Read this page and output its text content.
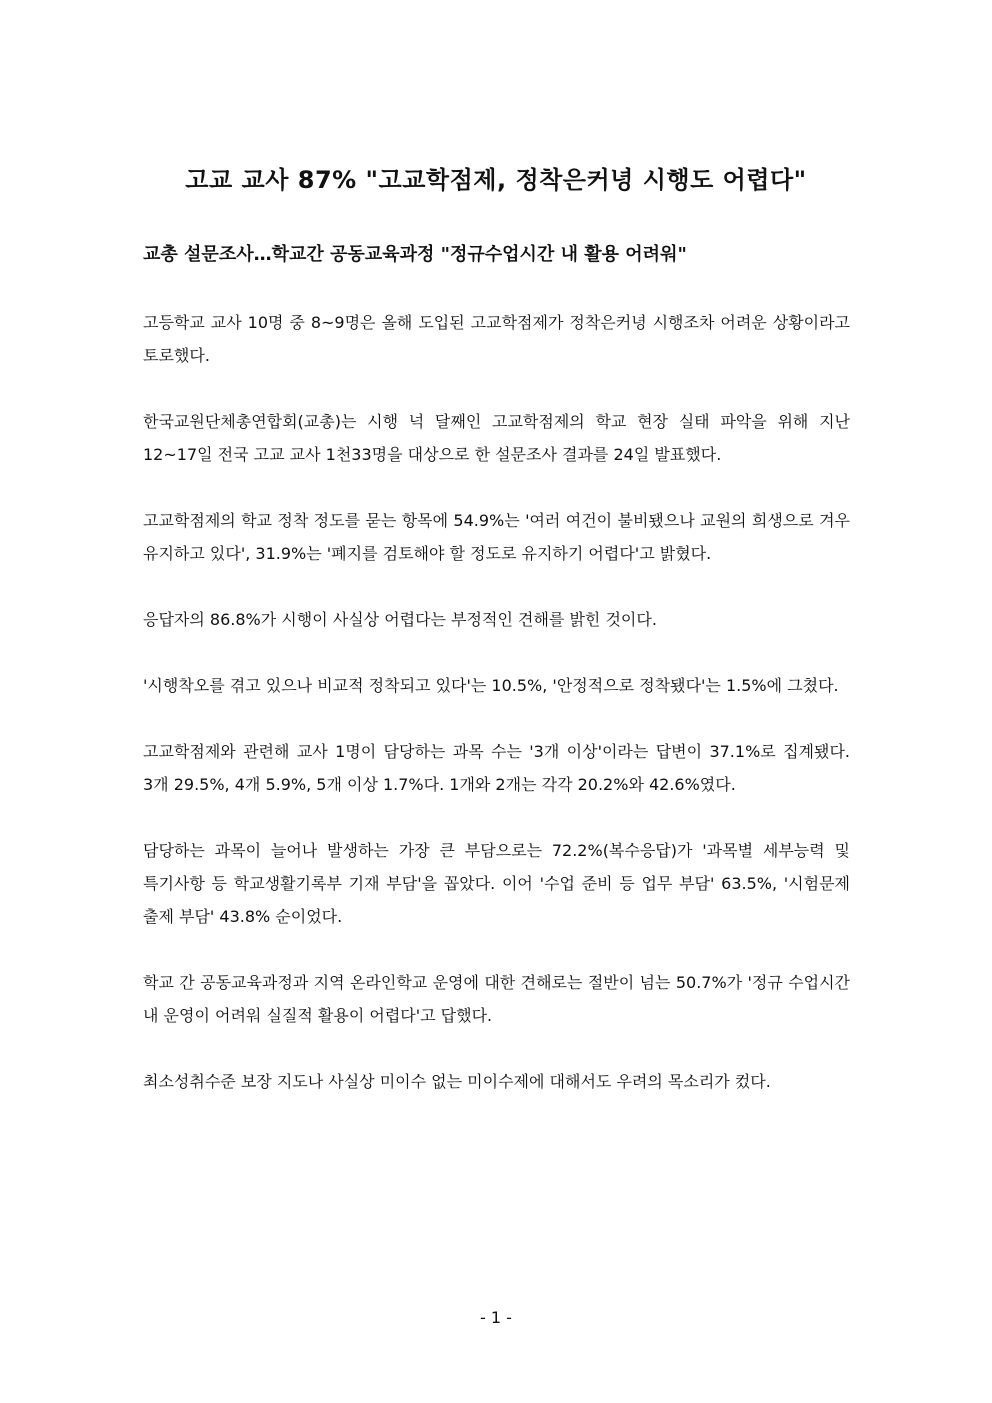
고교 교사 87% "고교학점제, 정착은커녕 시행도 어렵다"
교총 설문조사…학교간 공동교육과정 "정규수업시간 내 활용 어려워"

고등학교 교사 10명 중 8~9명은 올해 도입된 고교학점제가 정착은커녕 시행조차 어려운 상황이라고 토로했다.

한국교원단체총연합회(교총)는 시행 넉 달째인 고교학점제의 학교 현장 실태 파악을 위해 지난 12~17일 전국 고교 교사 1천33명을 대상으로 한 설문조사 결과를 24일 발표했다.

고교학점제의 학교 정착 정도를 묻는 항목에 54.9%는 '여러 여건이 불비됐으나 교원의 희생으로 겨우 유지하고 있다', 31.9%는 '폐지를 검토해야 할 정도로 유지하기 어렵다'고 밝혔다.

응답자의 86.8%가 시행이 사실상 어렵다는 부정적인 견해를 밝힌 것이다.

'시행착오를 겪고 있으나 비교적 정착되고 있다'는 10.5%, '안정적으로 정착됐다'는 1.5%에 그쳤다.

고교학점제와 관련해 교사 1명이 담당하는 과목 수는 '3개 이상'이라는 답변이 37.1%로 집계됐다. 3개 29.5%, 4개 5.9%, 5개 이상 1.7%다. 1개와 2개는 각각 20.2%와 42.6%였다.

담당하는 과목이 늘어나 발생하는 가장 큰 부담으로는 72.2%(복수응답)가 '과목별 세부능력 및 특기사항 등 학교생활기록부 기재 부담'을 꼽았다. 이어 '수업 준비 등 업무 부담' 63.5%, '시험문제 출제 부담' 43.8% 순이었다.

학교 간 공동교육과정과 지역 온라인학교 운영에 대한 견해로는 절반이 넘는 50.7%가 '정규 수업시간 내 운영이 어려워 실질적 활용이 어렵다'고 답했다.

최소성취수준 보장 지도나 사실상 미이수 없는 미이수제에 대해서도 우려의 목소리가 컸다.

- 1 -
